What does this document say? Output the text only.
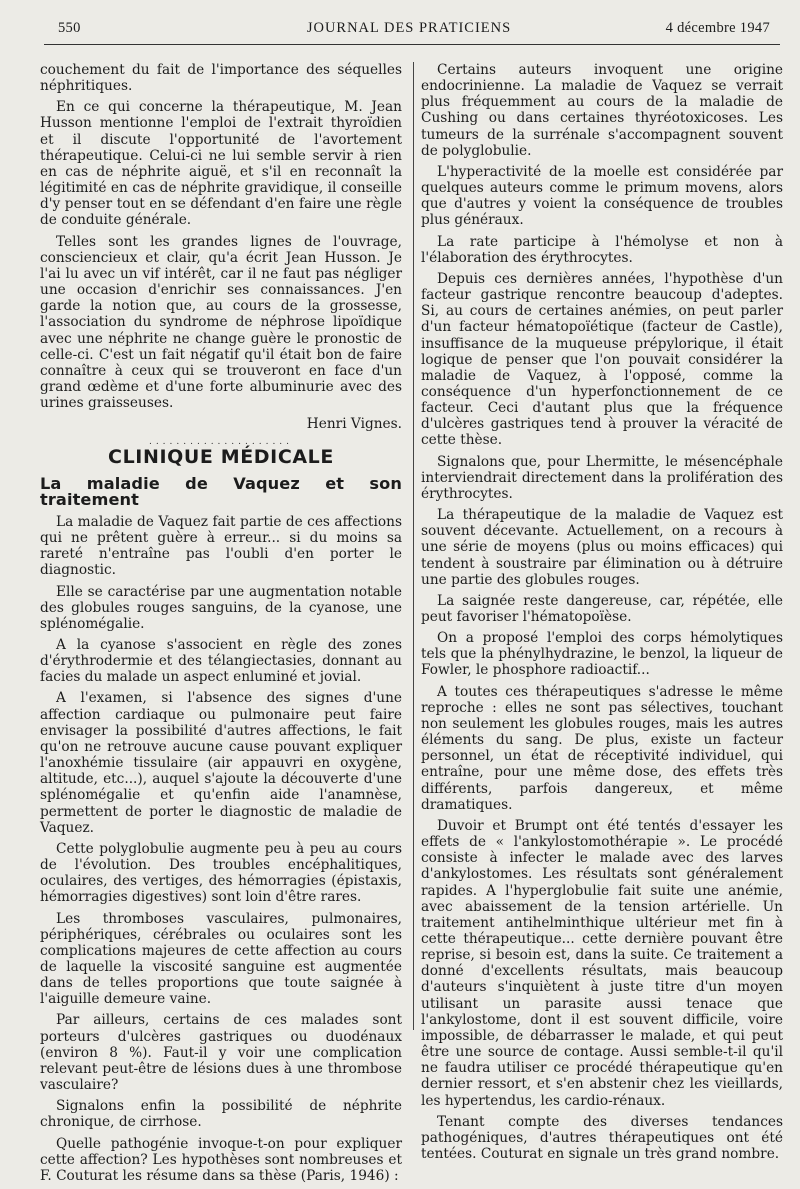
550	JOURNAL DES PRATICIENS	4 décembre 1947

couchement du fait de l'importance des séquelles néphritiques.

En ce qui concerne la thérapeutique, M. Jean Husson mentionne l'emploi de l'extrait thyroïdien et il discute l'opportunité de l'avortement thérapeutique. Celui-ci ne lui semble servir à rien en cas de néphrite aiguë, et s'il en reconnaît la légitimité en cas de néphrite gravidique, il conseille d'y penser tout en se défendant d'en faire une règle de conduite générale.

Telles sont les grandes lignes de l'ouvrage, consciencieux et clair, qu'a écrit Jean Husson. Je l'ai lu avec un vif intérêt, car il ne faut pas négliger une occasion d'enrichir ses connaissances. J'en garde la notion que, au cours de la grossesse, l'association du syndrome de néphrose lipoïdique avec une néphrite ne change guère le pronostic de celle-ci. C'est un fait négatif qu'il était bon de faire connaître à ceux qui se trouveront en face d'un grand œdème et d'une forte albuminurie avec des urines graisseuses.

Henri Vignes.

.....................
CLINIQUE MÉDICALE
La maladie de Vaquez et son traitement

La maladie de Vaquez fait partie de ces affections qui ne prêtent guère à erreur... si du moins sa rareté n'entraîne pas l'oubli d'en porter le diagnostic.

Elle se caractérise par une augmentation notable des globules rouges sanguins, de la cyanose, une splénomégalie.

A la cyanose s'associent en règle des zones d'érythrodermie et des télangiectasies, donnant au facies du malade un aspect enluminé et jovial.

A l'examen, si l'absence des signes d'une affection cardiaque ou pulmonaire peut faire envisager la possibilité d'autres affections, le fait qu'on ne retrouve aucune cause pouvant expliquer l'anoxhémie tissulaire (air appauvri en oxygène, altitude, etc...), auquel s'ajoute la découverte d'une splénomégalie et qu'enfin aide l'anamnèse, permettent de porter le diagnostic de maladie de Vaquez.

Cette polyglobulie augmente peu à peu au cours de l'évolution. Des troubles encéphalitiques, oculaires, des vertiges, des hémorragies (épistaxis, hémorragies digestives) sont loin d'être rares.

Les thromboses vasculaires, pulmonaires, périphériques, cérébrales ou oculaires sont les complications majeures de cette affection au cours de laquelle la viscosité sanguine est augmentée dans de telles proportions que toute saignée à l'aiguille demeure vaine.

Par ailleurs, certains de ces malades sont porteurs d'ulcères gastriques ou duodénaux (environ 8 %). Faut-il y voir une complication relevant peut-être de lésions dues à une thrombose vasculaire?

Signalons enfin la possibilité de néphrite chronique, de cirrhose.

Quelle pathogénie invoque-t-on pour expliquer cette affection? Les hypothèses sont nombreuses et F. Couturat les résume dans sa thèse (Paris, 1946) :

Certains auteurs invoquent une origine endocrinienne. La maladie de Vaquez se verrait plus fréquemment au cours de la maladie de Cushing ou dans certaines thyréotoxicoses. Les tumeurs de la surrénale s'accompagnent souvent de polyglobulie.

L'hyperactivité de la moelle est considérée par quelques auteurs comme le primum movens, alors que d'autres y voient la conséquence de troubles plus généraux.

La rate participe à l'hémolyse et non à l'élaboration des érythrocytes.

Depuis ces dernières années, l'hypothèse d'un facteur gastrique rencontre beaucoup d'adeptes. Si, au cours de certaines anémies, on peut parler d'un facteur hématopoïétique (facteur de Castle), insuffisance de la muqueuse prépylorique, il était logique de penser que l'on pouvait considérer la maladie de Vaquez, à l'opposé, comme la conséquence d'un hyperfonctionnement de ce facteur. Ceci d'autant plus que la fréquence d'ulcères gastriques tend à prouver la véracité de cette thèse.

Signalons que, pour Lhermitte, le mésencéphale interviendrait directement dans la prolifération des érythrocytes.

La thérapeutique de la maladie de Vaquez est souvent décevante. Actuellement, on a recours à une série de moyens (plus ou moins efficaces) qui tendent à soustraire par élimination ou à détruire une partie des globules rouges.

La saignée reste dangereuse, car, répétée, elle peut favoriser l'hématopoïèse.

On a proposé l'emploi des corps hémolytiques tels que la phénylhydrazine, le benzol, la liqueur de Fowler, le phosphore radioactif...

A toutes ces thérapeutiques s'adresse le même reproche : elles ne sont pas sélectives, touchant non seulement les globules rouges, mais les autres éléments du sang. De plus, existe un facteur personnel, un état de réceptivité individuel, qui entraîne, pour une même dose, des effets très différents, parfois dangereux, et même dramatiques.

Duvoir et Brumpt ont été tentés d'essayer les effets de « l'ankylostomothérapie ». Le procédé consiste à infecter le malade avec des larves d'ankylostomes. Les résultats sont généralement rapides. A l'hyperglobulie fait suite une anémie, avec abaissement de la tension artérielle. Un traitement antihelminthique ultérieur met fin à cette thérapeutique... cette dernière pouvant être reprise, si besoin est, dans la suite. Ce traitement a donné d'excellents résultats, mais beaucoup d'auteurs s'inquiètent à juste titre d'un moyen utilisant un parasite aussi tenace que l'ankylostome, dont il est souvent difficile, voire impossible, de débarrasser le malade, et qui peut être une source de contage. Aussi semble-t-il qu'il ne faudra utiliser ce procédé thérapeutique qu'en dernier ressort, et s'en abstenir chez les vieillards, les hypertendus, les cardio-rénaux.

Tenant compte des diverses tendances pathogéniques, d'autres thérapeutiques ont été tentées. Couturat en signale un très grand nombre.
